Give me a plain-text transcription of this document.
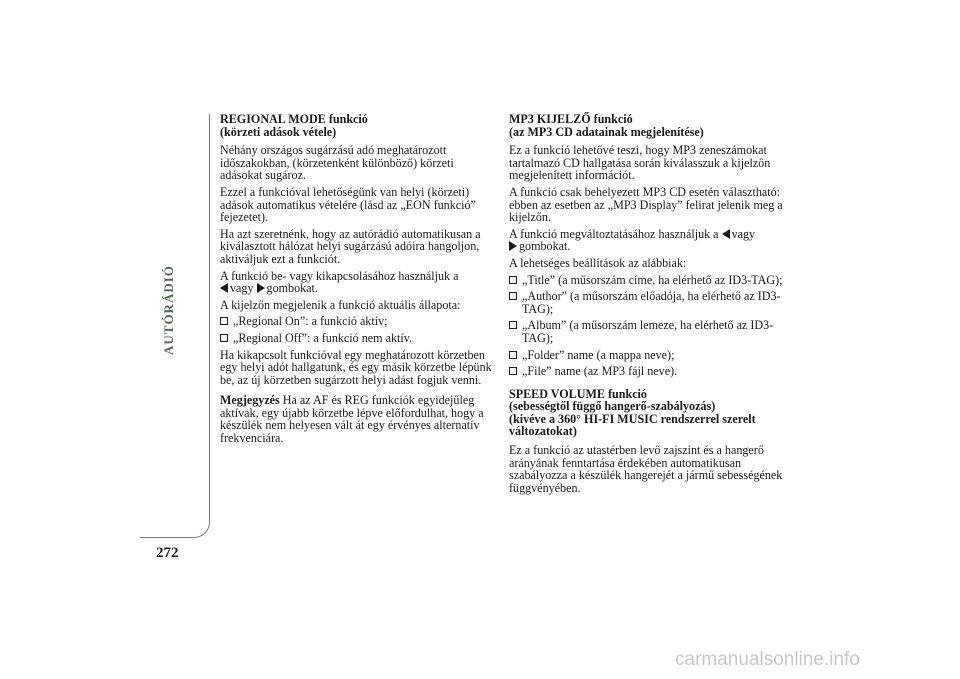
AUTÓRÁDIÓ
272
REGIONAL MODE funkció
(körzeti adások vétele)

Néhány országos sugárzású adó meghatározott időszakokban, (körzetenként különböző) körzeti adásokat sugároz.

Ezzel a funkcióval lehetőségünk van helyi (körzeti) adások automatikus vételére (lásd az „EON funkció” fejezetet).

Ha azt szeretnénk, hogy az autórádió automatikusan a kiválasztott hálózat helyi sugárzású adóira hangoljon, aktiváljuk ezt a funkciót.

A funkció be- vagy kikapcsolásához használjuk a
vagy gombokat.

A kijelzőn megjelenik a funkció aktuális állapota:

„Regional On”: a funkció aktív;
„Regional Off”: a funkció nem aktív.

Ha kikapcsolt funkcióval egy meghatározott körzetben egy helyi adót hallgatunk, és egy másik körzetbe lépünk be, az új körzetben sugárzott helyi adást fogjuk venni.

Megjegyzés Ha az AF és REG funkciók egyidejűleg aktívak, egy újabb körzetbe lépve előfordulhat, hogy a készülék nem helyesen vált át egy érvényes alternatív frekvenciára.

MP3 KIJELZŐ funkció
(az MP3 CD adatainak megjelenítése)

Ez a funkció lehetővé teszi, hogy MP3 zeneszámokat tartalmazó CD hallgatása során kiválasszuk a kijelzőn megjelenített információt.

A funkció csak behelyezett MP3 CD esetén választható: ebben az esetben az „MP3 Display” felirat jelenik meg a kijelzőn.

A funkció megváltoztatásához használjuk a vagy
gombokat.

A lehetséges beállítások az alábbiak:

„Title” (a műsorszám címe, ha elérhető az ID3-TAG);
„Author” (a műsorszám előadója, ha elérhető az ID3-TAG);
„Album” (a műsorszám lemeze, ha elérhető az ID3-TAG);
„Folder” name (a mappa neve);
„File” name (az MP3 fájl neve).
SPEED VOLUME funkció
(sebességtől függő hangerő-szabályozás)
(kivéve a 360° HI-FI MUSIC rendszerrel szerelt változatokat)

Ez a funkció az utastérben levő zajszint és a hangerő arányának fenntartása érdekében automatikusan szabályozza a készülék hangerejét a jármű sebességének függvényében.

carmanualsonline.info
